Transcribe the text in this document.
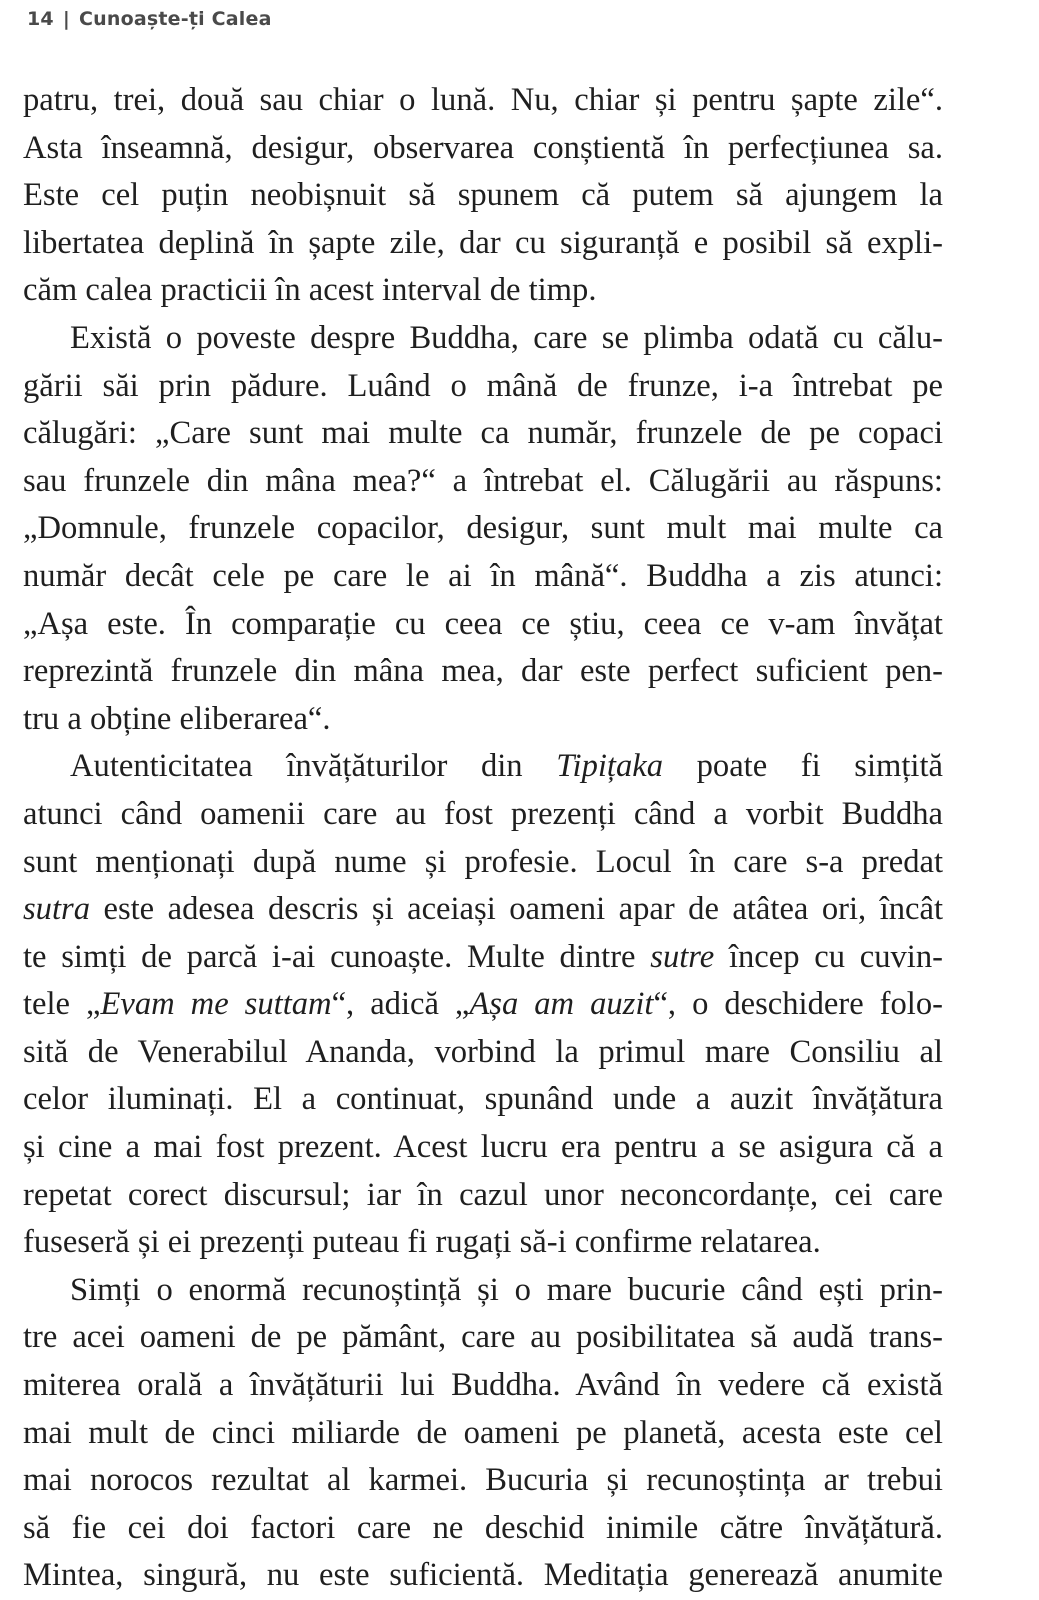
14 | Cunoaște-ți Calea
patru, trei, două sau chiar o lună. Nu, chiar și pentru șapte zile“.
Asta înseamnă, desigur, observarea conștientă în perfecțiunea sa.
Este cel puțin neobișnuit să spunem că putem să ajungem la
libertatea deplină în șapte zile, dar cu siguranță e posibil să expli-
căm calea practicii în acest interval de timp.
Există o poveste despre Buddha, care se plimba odată cu călu-
gării săi prin pădure. Luând o mână de frunze, i-a întrebat pe
călugări: „Care sunt mai multe ca număr, frunzele de pe copaci
sau frunzele din mâna mea?“ a întrebat el. Călugării au răspuns:
„Domnule, frunzele copacilor, desigur, sunt mult mai multe ca
număr decât cele pe care le ai în mână“. Buddha a zis atunci:
„Așa este. În comparație cu ceea ce știu, ceea ce v-am învățat
reprezintă frunzele din mâna mea, dar este perfect suficient pen-
tru a obține eliberarea“.
Autenticitatea învățăturilor din Tipițaka poate fi simțită
atunci când oamenii care au fost prezenți când a vorbit Buddha
sunt menționați după nume și profesie. Locul în care s-a predat
sutra este adesea descris și aceiași oameni apar de atâtea ori, încât
te simți de parcă i-ai cunoaște. Multe dintre sutre încep cu cuvin-
tele „Evam me suttam“, adică „Așa am auzit“, o deschidere folo-
sită de Venerabilul Ananda, vorbind la primul mare Consiliu al
celor iluminați. El a continuat, spunând unde a auzit învățătura
și cine a mai fost prezent. Acest lucru era pentru a se asigura că a
repetat corect discursul; iar în cazul unor neconcordanțe, cei care
fuseseră și ei prezenți puteau fi rugați să-i confirme relatarea.
Simți o enormă recunoștință și o mare bucurie când ești prin-
tre acei oameni de pe pământ, care au posibilitatea să audă trans-
miterea orală a învățăturii lui Buddha. Având în vedere că există
mai mult de cinci miliarde de oameni pe planetă, acesta este cel
mai norocos rezultat al karmei. Bucuria și recunoștința ar trebui
să fie cei doi factori care ne deschid inimile către învățătură.
Mintea, singură, nu este suficientă. Meditația generează anumite
